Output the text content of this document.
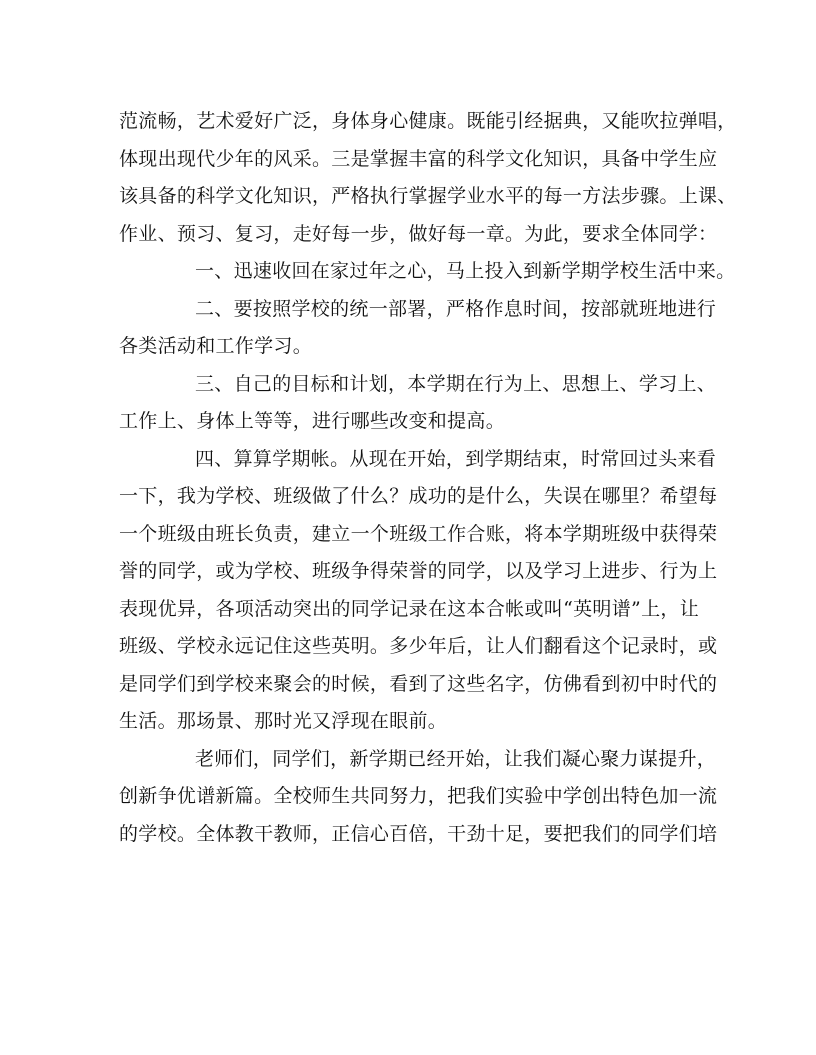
范流畅，艺术爱好广泛，身体身心健康。既能引经据典，又能吹拉弹唱，
体现出现代少年的风采。三是掌握丰富的科学文化知识，具备中学生应
该具备的科学文化知识，严格执行掌握学业水平的每一方法步骤。上课、
作业、预习、复习，走好每一步，做好每一章。为此，要求全体同学：
一、迅速收回在家过年之心，马上投入到新学期学校生活中来。
二、要按照学校的统一部署，严格作息时间，按部就班地进行
各类活动和工作学习。
三、自己的目标和计划，本学期在行为上、思想上、学习上、
工作上、身体上等等，进行哪些改变和提高。
四、算算学期帐。从现在开始，到学期结束，时常回过头来看
一下，我为学校、班级做了什么？成功的是什么，失误在哪里？希望每
一个班级由班长负责，建立一个班级工作合账，将本学期班级中获得荣
誉的同学，或为学校、班级争得荣誉的同学，以及学习上进步、行为上
表现优异，各项活动突出的同学记录在这本合帐或叫“英明谱”上，让
班级、学校永远记住这些英明。多少年后，让人们翻看这个记录时，或
是同学们到学校来聚会的时候，看到了这些名字，仿佛看到初中时代的
生活。那场景、那时光又浮现在眼前。
老师们，同学们，新学期已经开始，让我们凝心聚力谋提升，
创新争优谱新篇。全校师生共同努力，把我们实验中学创出特色加一流
的学校。全体教干教师，正信心百倍，干劲十足，要把我们的同学们培
